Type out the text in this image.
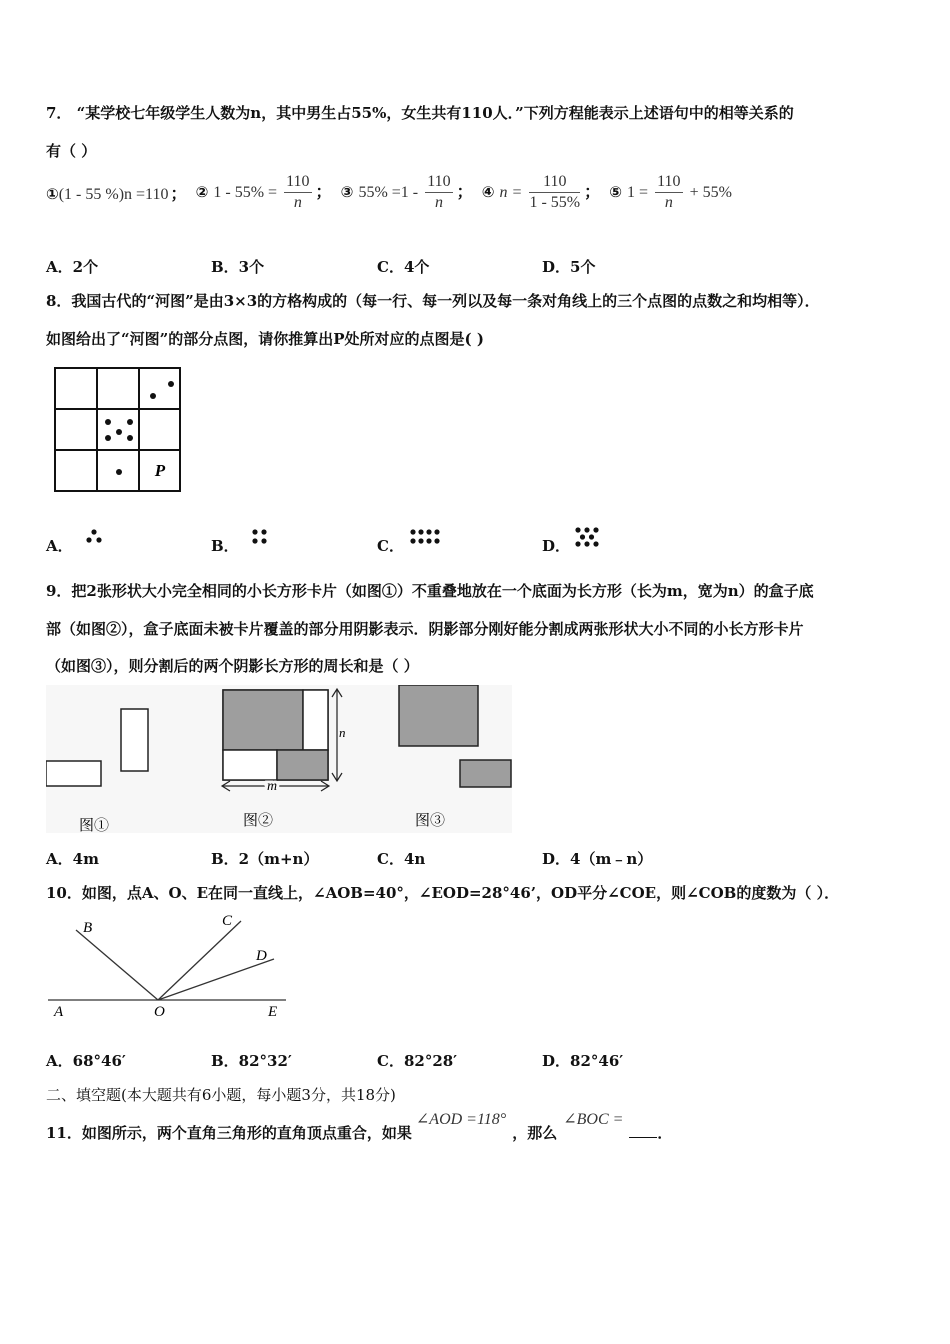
7． “某学校七年级学生人数为n，其中男生占55%，女生共有110人．”下列方程能表示上述语句中的相等关系的
有（ ）
①(1 - 55 %)n =110 ； ② $1 - 55\% = \frac{110}{n}$ ； ③ $55\% =1 - \frac{110}{n}$ ； ④ $n = \frac{110}{1 - 55\%}$ ； ⑤ $1 = \frac{110}{n} + 55\%$
A．2个	B．3个	C．4个	D．5个
8．我国古代的“河图”是由3×3的方格构成的（每一行、每一列以及每一条对角线上的三个点图的点数之和均相等）．
如图给出了“河图”的部分点图，请你推算出P处所对应的点图是( )
P
A．	B．	C．	D．
9．把2张形状大小完全相同的小长方形卡片（如图①）不重叠地放在一个底面为长方形（长为m，宽为n）的盒子底
部（如图②），盒子底面未被卡片覆盖的部分用阴影表示．阴影部分刚好能分割成两张形状大小不同的小长方形卡片
（如图③），则分割后的两个阴影长方形的周长和是（ ）
图①
n
m
图②	图③
A．4m	B．2（m+n）	C．4n	D．4（m﹣n）
10．如图，点A、O、E在同一直线上，∠AOB=40°，∠EOD=28°46’，OD平分∠COE，则∠COB的度数为（ ）．
B	C
D
A	O	E
A．68°46′	B．82°32′	C．82°28′	D．82°46′
二、填空题(本大题共有6小题，每小题3分，共18分)
11．如图所示，两个直角三角形的直角顶点重合，如果∠AOD =118°，那么∠BOC =．
